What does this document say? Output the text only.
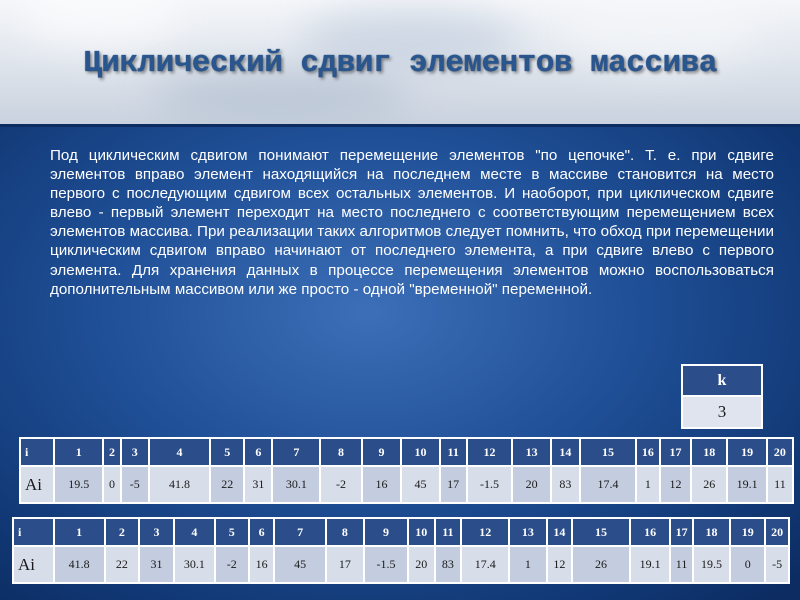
Циклический сдвиг элементов массива

Под циклическим сдвигом понимают перемещение элементов "по цепочке". Т. е. при сдвиге элементов вправо элемент находящийся на последнем месте в массиве становится на место первого с последующим сдвигом всех остальных элементов. И наоборот, при циклическом сдвиге влево - первый элемент переходит на место последнего с соответствующим перемещением всех элементов массива. При реализации таких алгоритмов следует помнить, что обход при перемещении циклическим сдвигом вправо начинают от последнего элемента, а при сдвиге влево с первого элемента. Для хранения данных в процессе перемещения элементов можно воспользоваться дополнительным массивом или же просто - одной "временной" переменной.

k
3
i	1	2	3	4	5	6	7	8	9	10	11	12	13	14	15	16	17	18	19	20
Ai	19.5	0	-5	41.8	22	31	30.1	-2	16	45	17	-1.5	20	83	17.4	1	12	26	19.1	11
i	1	2	3	4	5	6	7	8	9	10	11	12	13	14	15	16	17	18	19	20
Ai	41.8	22	31	30.1	-2	16	45	17	-1.5	20	83	17.4	1	12	26	19.1	11	19.5	0	-5
